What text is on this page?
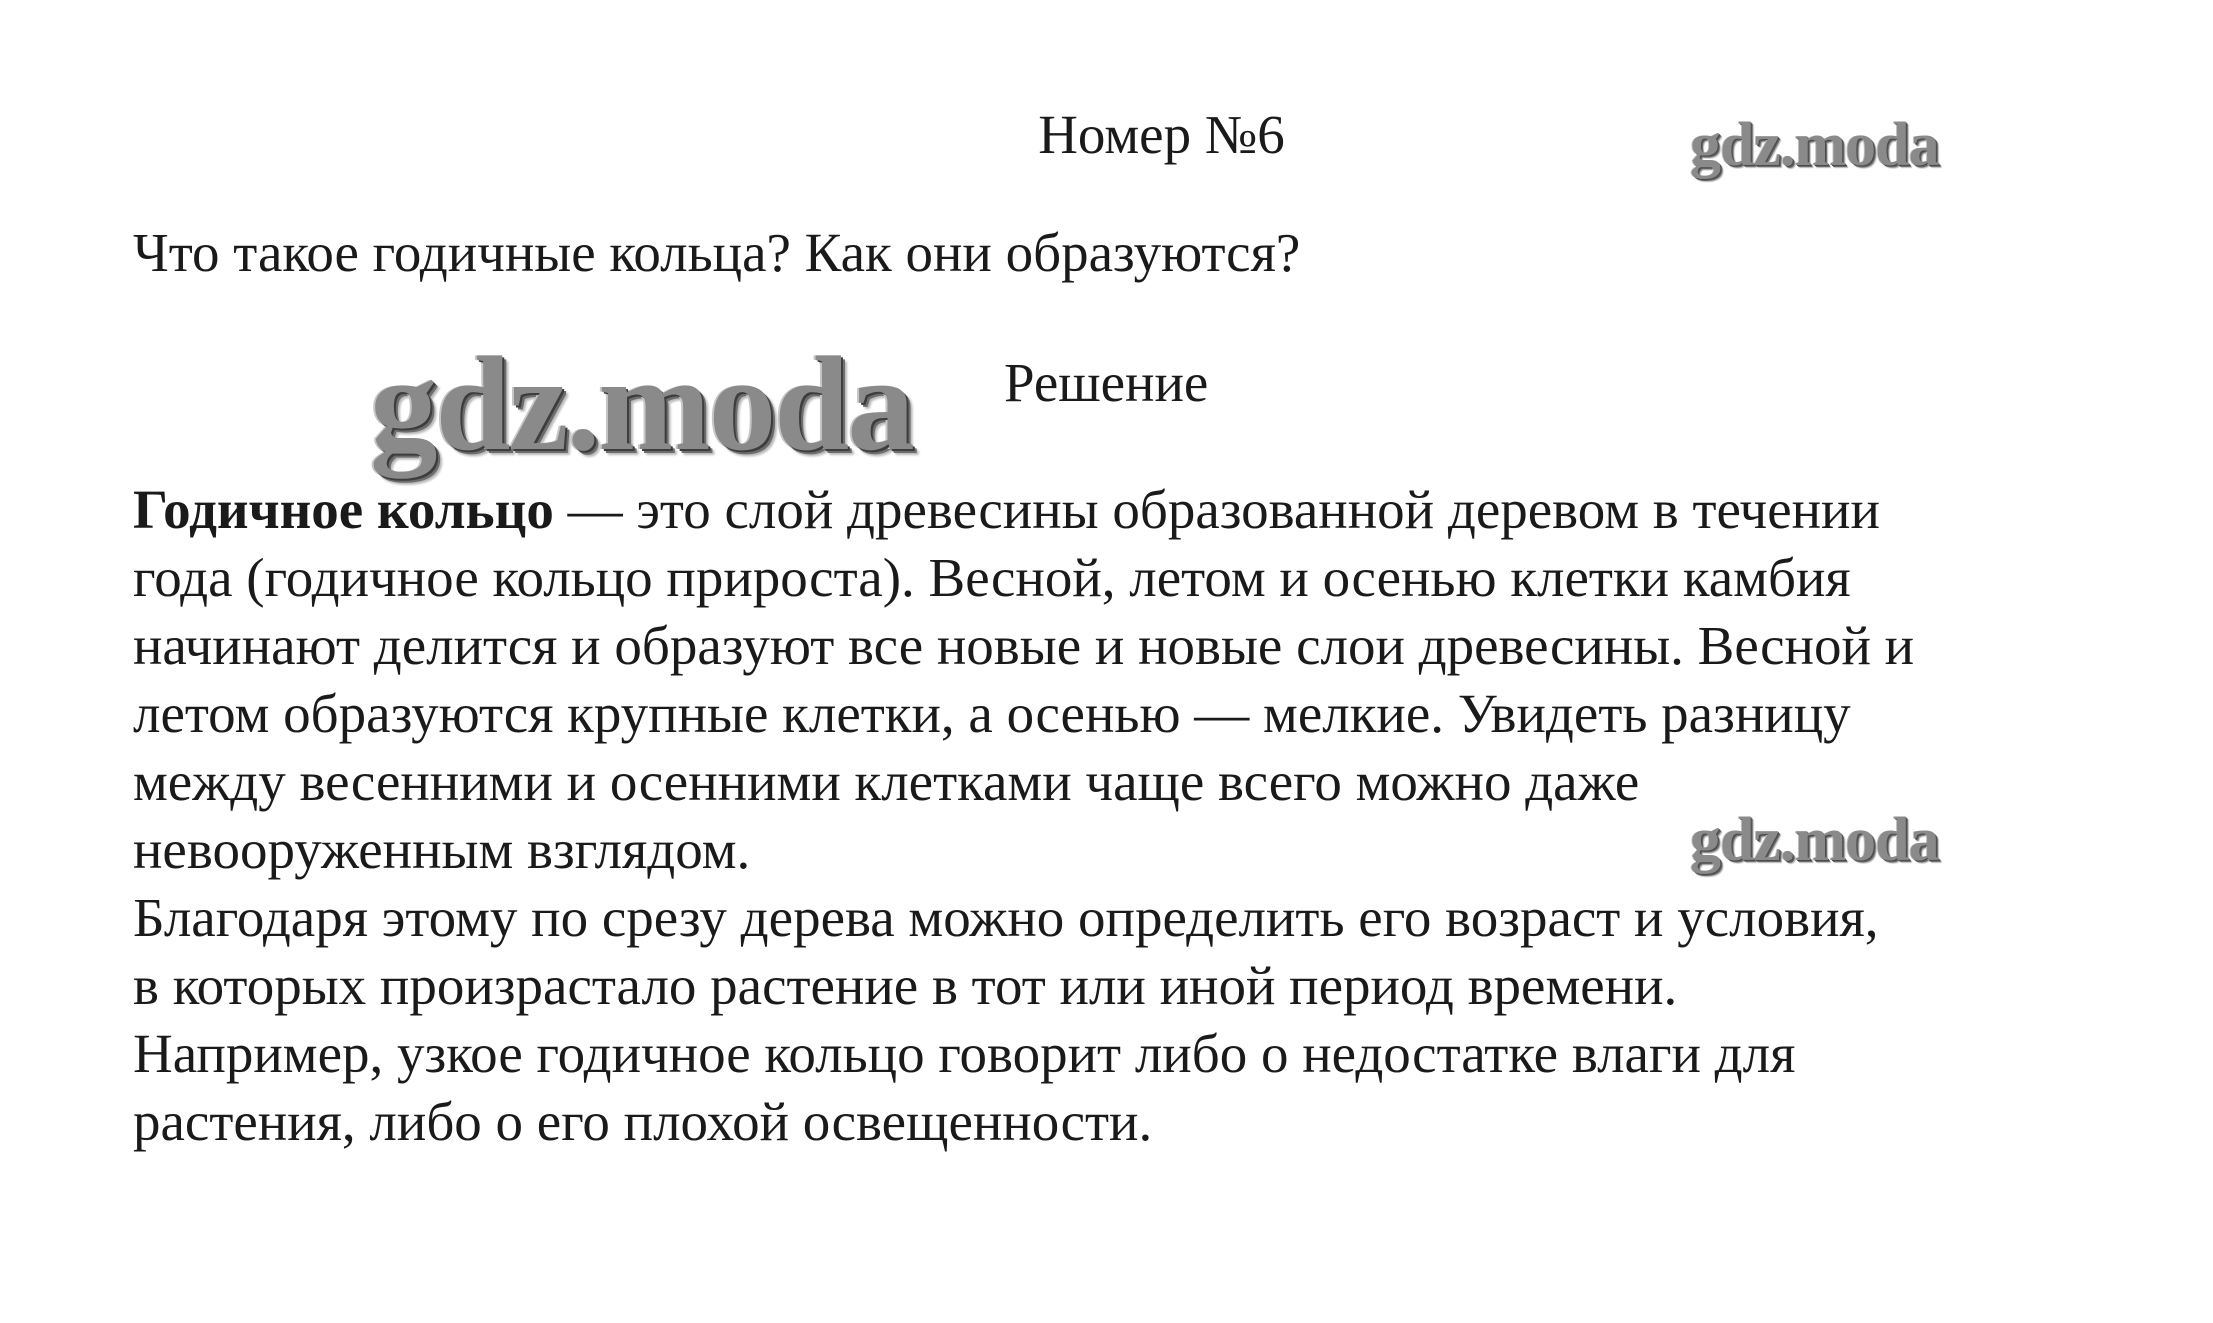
Номер №6	gdz.moda
Что такое годичные кольца? Как они образуются?
gdz.moda Решение
Годичное кольцо — это слой древесины образованной деревом в течении
года (годичное кольцо прироста). Весной, летом и осенью клетки камбия
начинают делится и образуют все новые и новые слои древесины. Весной и
летом образуются крупные клетки, а осенью — мелкие. Увидеть разницу
между весенними и осенними клетками чаще всего можно даже
невооруженным взглядом.
Благодаря этому по срезу дерева можно определить его возраст и условия,
в которых произрастало растение в тот или иной период времени.
Например, узкое годичное кольцо говорит либо о недостатке влаги для
растения, либо о его плохой освещенности.
gdz.moda
